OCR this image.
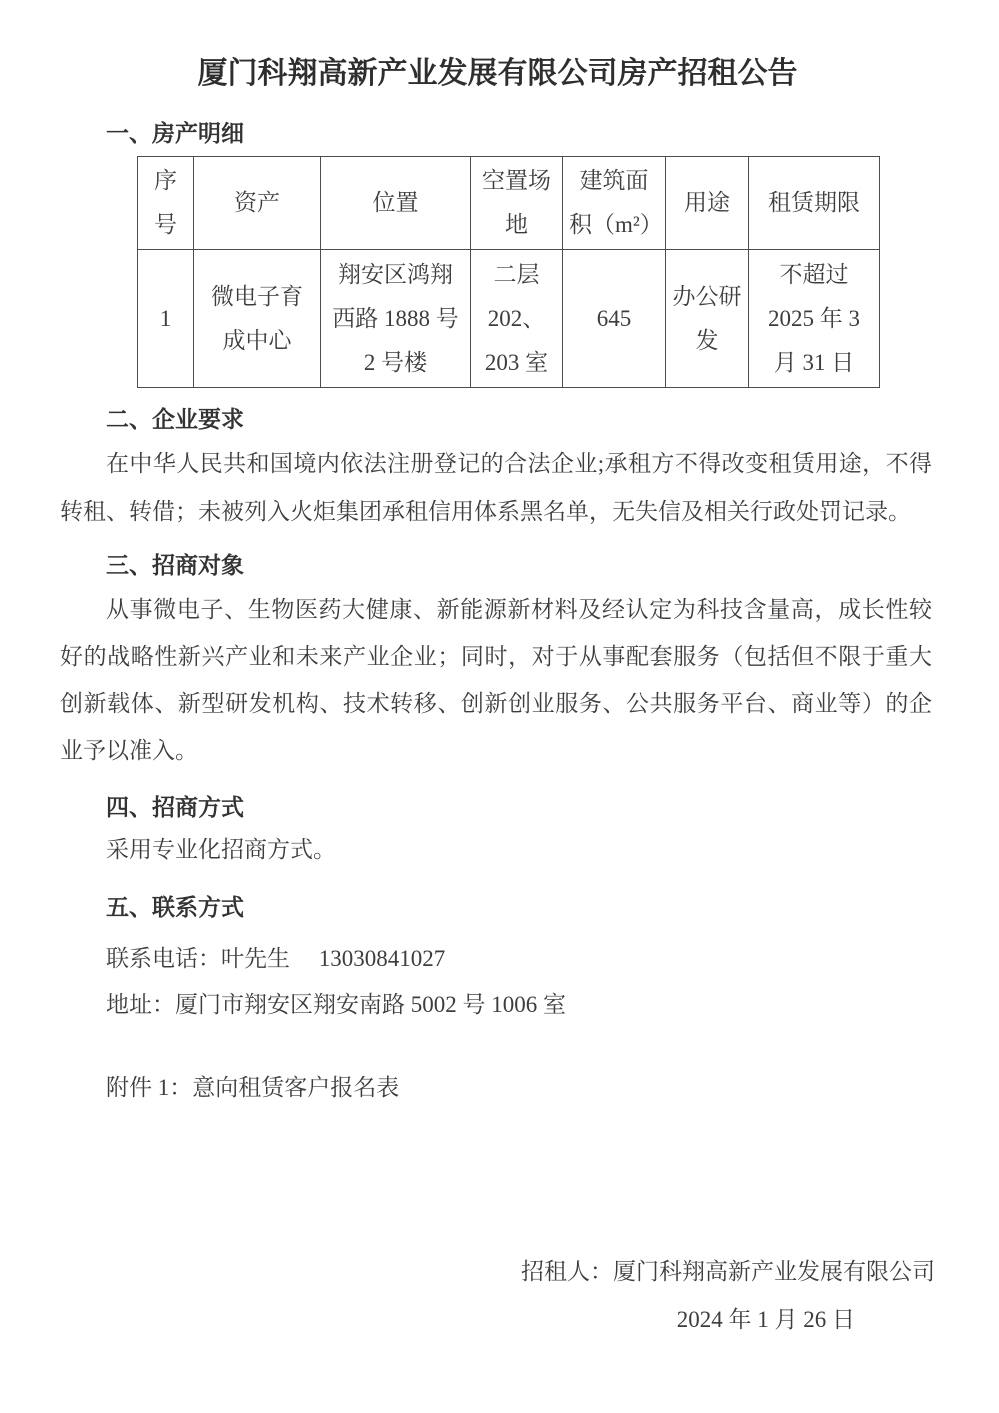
厦门科翔高新产业发展有限公司房产招租公告
一、房产明细
序号	资产	位置	空置场地	建筑面积（m²）	用途	租赁期限
1	微电子育成中心	翔安区鸿翔西路 1888 号 2 号楼	二层 202、203 室	645	办公研发	不超过 2025 年 3 月 31 日
二、企业要求
在中华人民共和国境内依法注册登记的合法企业;承租方不得改变租赁用途，不得转租、转借；未被列入火炬集团承租信用体系黑名单，无失信及相关行政处罚记录。
三、招商对象
从事微电子、生物医药大健康、新能源新材料及经认定为科技含量高，成长性较好的战略性新兴产业和未来产业企业；同时，对于从事配套服务（包括但不限于重大创新载体、新型研发机构、技术转移、创新创业服务、公共服务平台、商业等）的企业予以准入。
四、招商方式
采用专业化招商方式。
五、联系方式
联系电话：叶先生　 13030841027
地址：厦门市翔安区翔安南路 5002 号 1006 室
附件 1：意向租赁客户报名表
招租人：厦门科翔高新产业发展有限公司
2024 年 1 月 26 日
